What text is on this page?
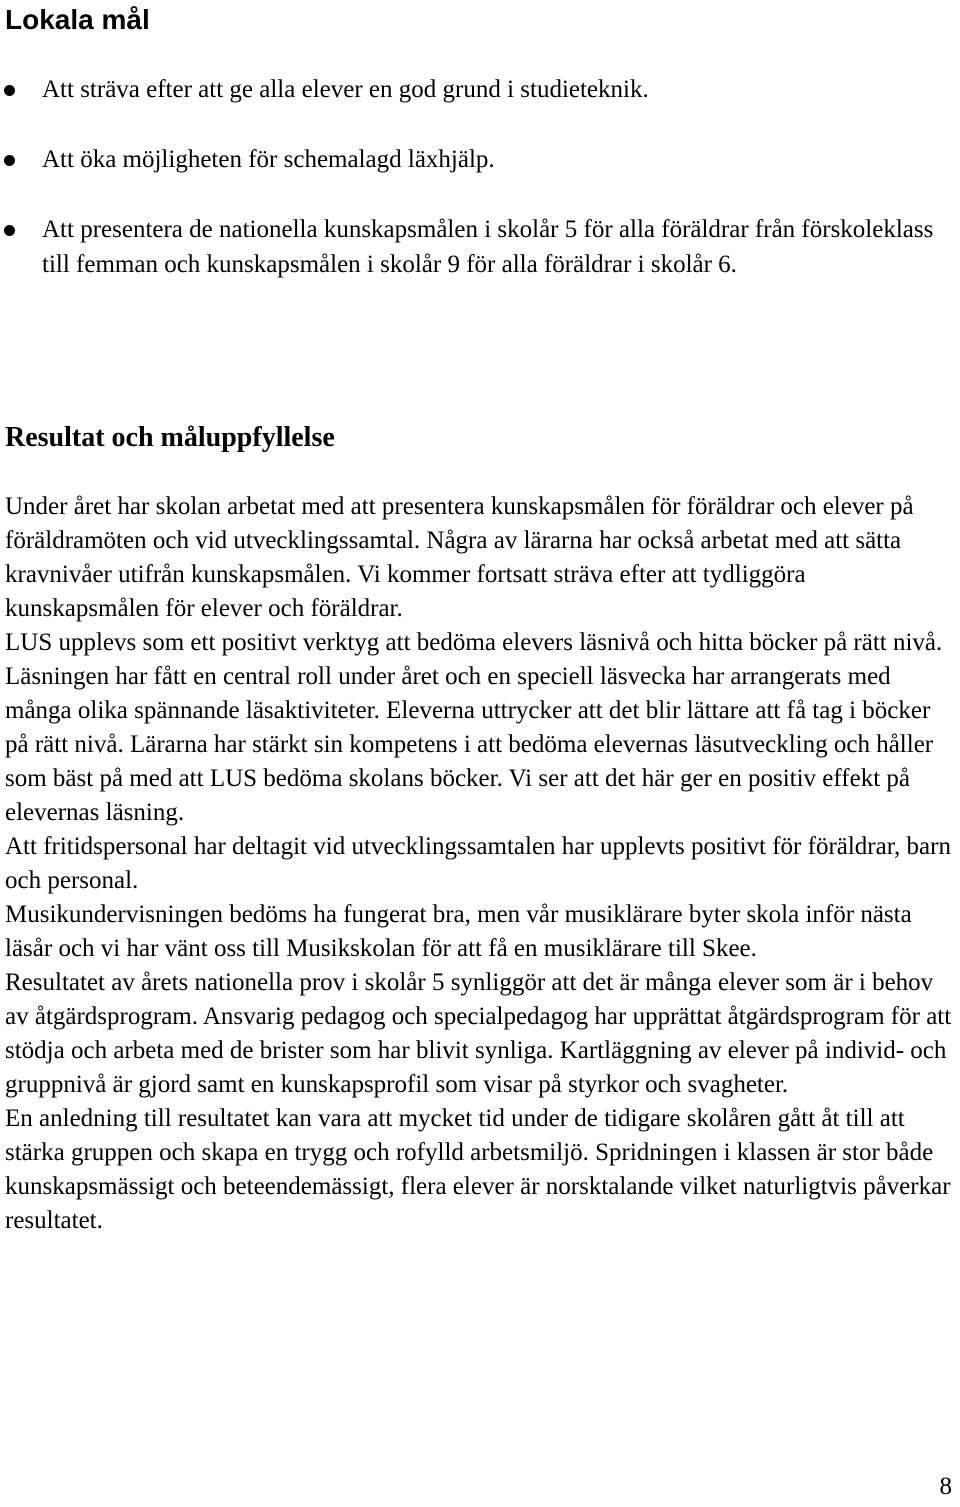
Lokala mål
Att sträva efter att ge alla elever en god grund i studieteknik.
Att öka möjligheten för schemalagd läxhjälp.
Att presentera de nationella kunskapsmålen i skolår 5 för alla föräldrar från förskoleklass till femman och kunskapsmålen i skolår 9 för alla föräldrar i skolår 6.
Resultat och måluppfyllelse

Under året har skolan arbetat med att presentera kunskapsmålen för föräldrar och elever på föräldramöten och vid utvecklingssamtal. Några av lärarna har också arbetat med att sätta kravnivåer utifrån kunskapsmålen. Vi kommer fortsatt sträva efter att tydliggöra kunskapsmålen för elever och föräldrar.

LUS upplevs som ett positivt verktyg att bedöma elevers läsnivå och hitta böcker på rätt nivå. Läsningen har fått en central roll under året och en speciell läsvecka har arrangerats med många olika spännande läsaktiviteter. Eleverna uttrycker att det blir lättare att få tag i böcker på rätt nivå. Lärarna har stärkt sin kompetens i att bedöma elevernas läsutveckling och håller som bäst på med att LUS bedöma skolans böcker. Vi ser att det här ger en positiv effekt på elevernas läsning.

Att fritidspersonal har deltagit vid utvecklingssamtalen har upplevts positivt för föräldrar, barn och personal.

Musikundervisningen bedöms ha fungerat bra, men vår musiklärare byter skola inför nästa läsår och vi har vänt oss till Musikskolan för att få en musiklärare till Skee.

Resultatet av årets nationella prov i skolår 5 synliggör att det är många elever som är i behov av åtgärdsprogram. Ansvarig pedagog och specialpedagog har upprättat åtgärdsprogram för att stödja och arbeta med de brister som har blivit synliga. Kartläggning av elever på individ- och gruppnivå är gjord samt en kunskapsprofil som visar på styrkor och svagheter.

En anledning till resultatet kan vara att mycket tid under de tidigare skolåren gått åt till att stärka gruppen och skapa en trygg och rofylld arbetsmiljö. Spridningen i klassen är stor både kunskapsmässigt och beteendemässigt, flera elever är norsktalande vilket naturligtvis påverkar resultatet.

8
